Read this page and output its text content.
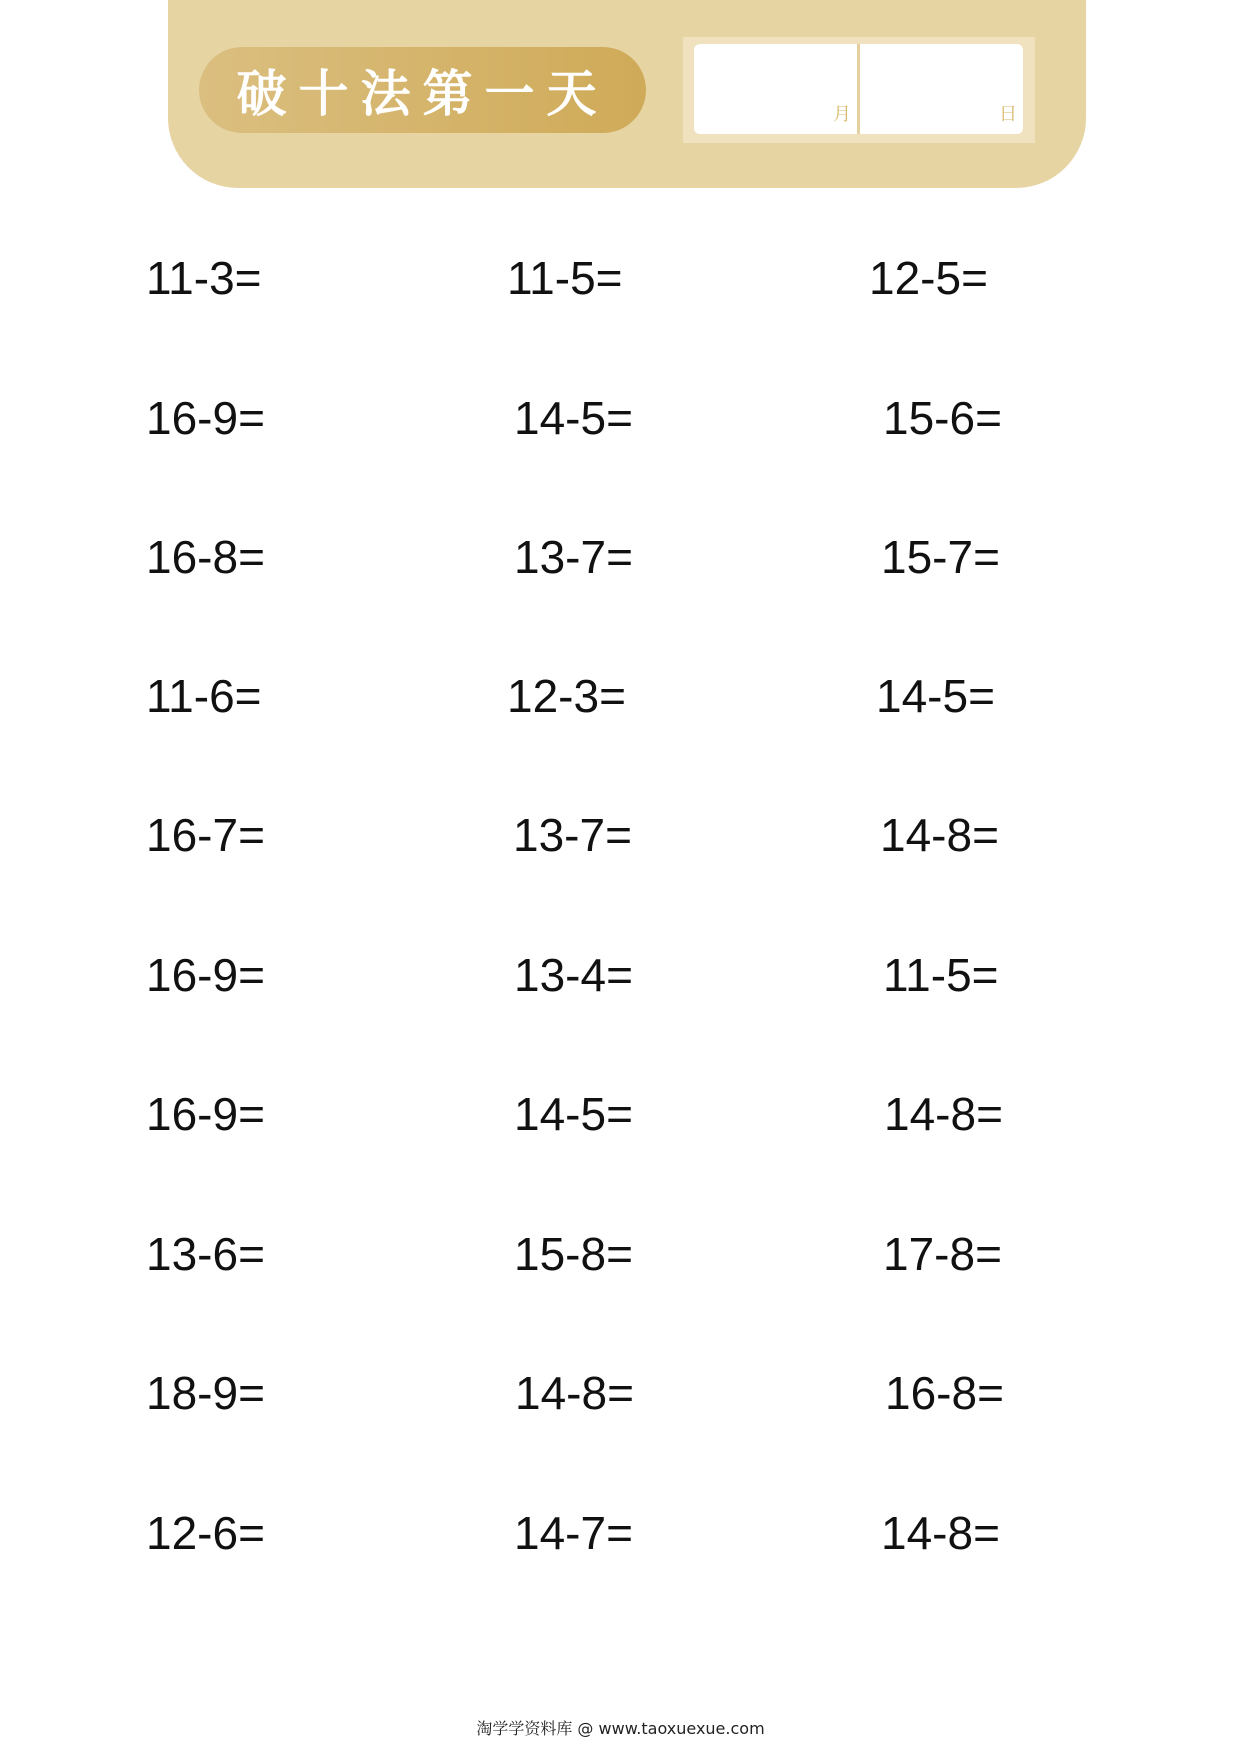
破十法第一天	月	日
11-3=	11-5=	12-5=
16-9=	14-5=	15-6=
16-8=	13-7=	15-7=
11-6=	12-3=	14-5=
16-7=	13-7=	14-8=
16-9=	13-4=	11-5=
16-9=	14-5=	14-8=
13-6=	15-8=	17-8=
18-9=	14-8=	16-8=
12-6=	14-7=	14-8=
淘学学资料库 @ www.taoxuexue.com
